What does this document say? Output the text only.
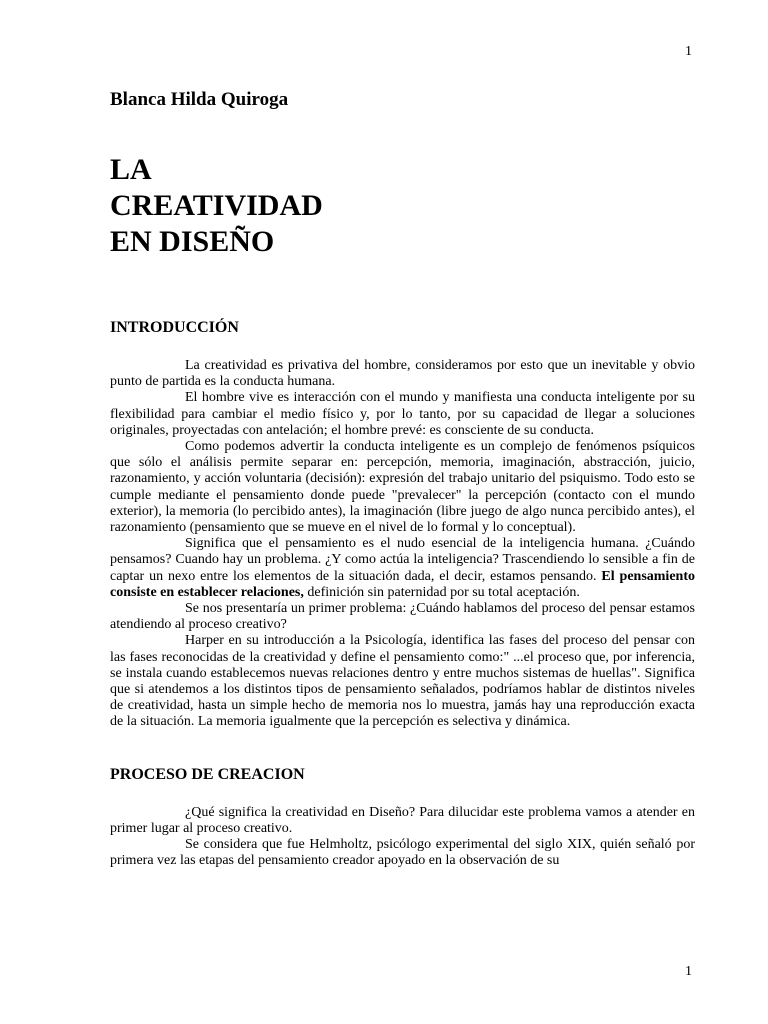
1
Blanca Hilda Quiroga
LA
CREATIVIDAD
EN DISEÑO
INTRODUCCIÓN

La creatividad es privativa del hombre, consideramos por esto que un inevitable y obvio punto de partida es la conducta humana.

El hombre vive es interacción con el mundo y manifiesta una conducta inteligente por su flexibilidad para cambiar el medio físico y, por lo tanto, por su capacidad de llegar a soluciones originales, proyectadas con antelación; el hombre prevé: es consciente de su conducta.

Como podemos advertir la conducta inteligente es un complejo de fenómenos psíquicos que sólo el análisis permite separar en: percepción, memoria, imaginación, abstracción, juicio, razonamiento, y acción voluntaria (decisión): expresión del trabajo unitario del psiquismo. Todo esto se cumple mediante el pensamiento donde puede "prevalecer" la percepción (contacto con el mundo exterior), la memoria (lo percibido antes), la imaginación (libre juego de algo nunca percibido antes), el razonamiento (pensamiento que se mueve en el nivel de lo formal y lo conceptual).

Significa que el pensamiento es el nudo esencial de la inteligencia humana. ¿Cuándo pensamos? Cuando hay un problema. ¿Y como actúa la inteligencia? Trascendiendo lo sensible a fin de captar un nexo entre los elementos de la situación dada, el decir, estamos pensando. El pensamiento consiste en establecer relaciones, definición sin paternidad por su total aceptación.

Se nos presentaría un primer problema: ¿Cuándo hablamos del proceso del pensar estamos atendiendo al proceso creativo?

Harper en su introducción a la Psicología, identifica las fases del proceso del pensar con las fases reconocidas de la creatividad y define el pensamiento como:" ...el proceso que, por inferencia, se instala cuando establecemos nuevas relaciones dentro y entre muchos sistemas de huellas". Significa que si atendemos a los distintos tipos de pensamiento señalados, podríamos hablar de distintos niveles de creatividad, hasta un simple hecho de memoria nos lo muestra, jamás hay una reproducción exacta de la situación. La memoria igualmente que la percepción es selectiva y dinámica.

PROCESO DE CREACION

¿Qué significa la creatividad en Diseño? Para dilucidar este problema vamos a atender en primer lugar al proceso creativo.

Se considera que fue Helmholtz, psicólogo experimental del siglo XIX, quién señaló por primera vez las etapas del pensamiento creador apoyado en la observación de su

1
